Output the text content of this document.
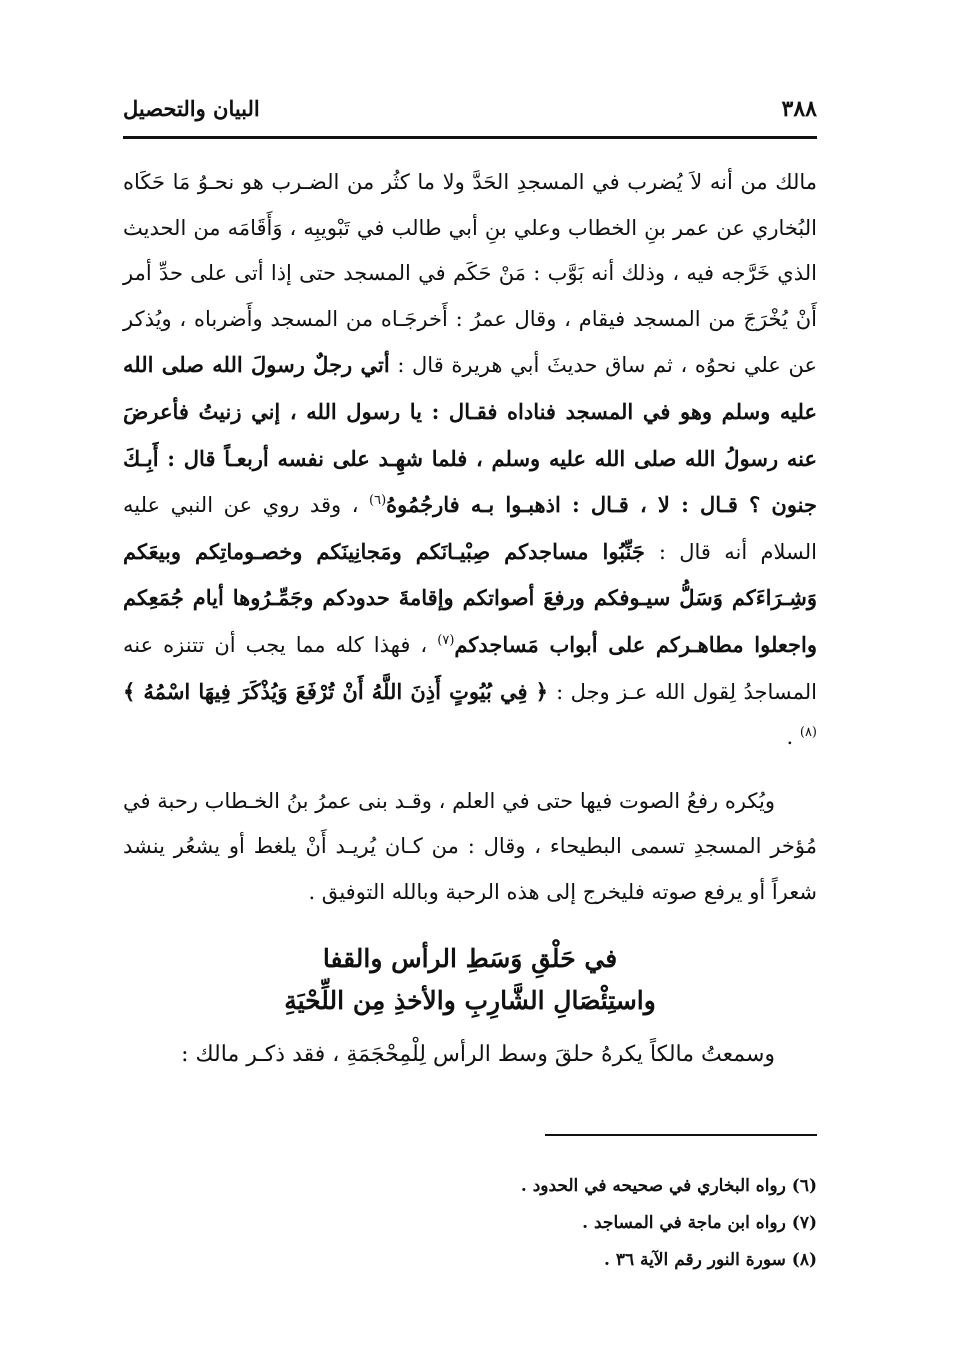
٣٨٨
البيان والتحصيل

مالك من أنه لاَ يُضرب في المسجدِ الحَدَّ ولا ما كثُر من الضـرب هو نحـوُ مَا حَكَاه البُخاري عن عمر بنِ الخطاب وعلي بنِ أبي طالب في تَبْويبِه ، وَأَقَامَه من الحديث الذي خَرَّجه فيه ، وذلك أنه بَوَّب : مَنْ حَكَم في المسجد حتى إذا أتى على حدِّ أمر أَنْ يُخْرَجَ من المسجد فيقام ، وقال عمرُ : أَخرجَـاه من المسجد وأَضرباه ، ويُذكر عن علي نحوُه ، ثم ساق حديثَ أبي هريرة قال : أتي رجلٌ رسولَ الله صلى الله عليه وسلم وهو في المسجد فناداه فقـال : يا رسول الله ، إني زنيتُ فأعرضَ عنه رسولُ الله صلى الله عليه وسلم ، فلما شهِـد على نفسه أربعـاً قال : أَبِـكَ جنون ؟ قـال : لا ، قـال : اذهبـوا بـه فارجُمُوهُ$^{(٦)}$ ، وقد روي عن النبي عليه السلام أنه قال : جَنِّبُوا مساجدكم صِبْيـانَكم ومَجانِينَكم وخصـوماتِكم وبيعَكم وَشِـرَاءَكم وَسَلُّ سيـوفكم ورفعَ أصواتكم وإقامةَ حدودكم وجَمِّـرُوها أيام جُمَعِكم واجعلوا مطاهـركم على أبواب مَساجدكم$^{(٧)}$ ، فهذا كله مما يجب أن تتنزه عنه المساجدُ لِقول الله عـز وجل : ﴿ فِي بُيُوتٍ أَذِنَ اللَّهُ أَنْ تُرْفَعَ وَيُذْكَرَ فِيهَا اسْمُهُ ﴾$^{(٨)}$ .

ويُكره رفعُ الصوت فيها حتى في العلم ، وقـد بنى عمرُ بنُ الخـطاب رحبة في مُؤخر المسجدِ تسمى البطيحاء ، وقال : من كـان يُريـد أَنْ يلغط أو يشعُر ينشد شعراً أو يرفع صوته فليخرج إلى هذه الرحبة وبالله التوفيق .

في حَلْقِ وَسَطِ الرأس والقفا
واستِئْصَالِ الشَّارِبِ والأخذِ مِن اللِّحْيَةِ

وسمعتُ مالكاً يكرهُ حلقَ وسط الرأس لِلْمِحْجَمَةِ ، فقد ذكـر مالك :

(٦) رواه البخاري في صحيحه في الحدود .
(٧) رواه ابن ماجة في المساجد .
(٨) سورة النور رقم الآية ٣٦ .
